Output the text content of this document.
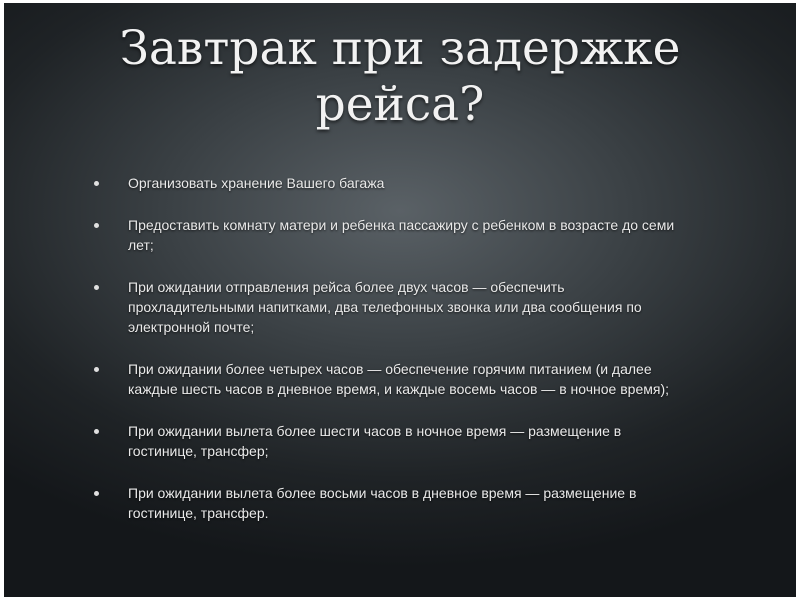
Завтрак при задержке
рейса?
Организовать хранение Вашего багажа
Предоставить комнату матери и ребенка пассажиру с ребенком в возрасте до семи
лет;
При ожидании отправления рейса более двух часов — обеспечить
прохладительными напитками, два телефонных звонка или два сообщения по
электронной почте;
При ожидании более четырех часов — обеспечение горячим питанием (и далее
каждые шесть часов в дневное время, и каждые восемь часов — в ночное время);
При ожидании вылета более шести часов в ночное время — размещение в
гостинице, трансфер;
При ожидании вылета более восьми часов в дневное время — размещение в
гостинице, трансфер.
